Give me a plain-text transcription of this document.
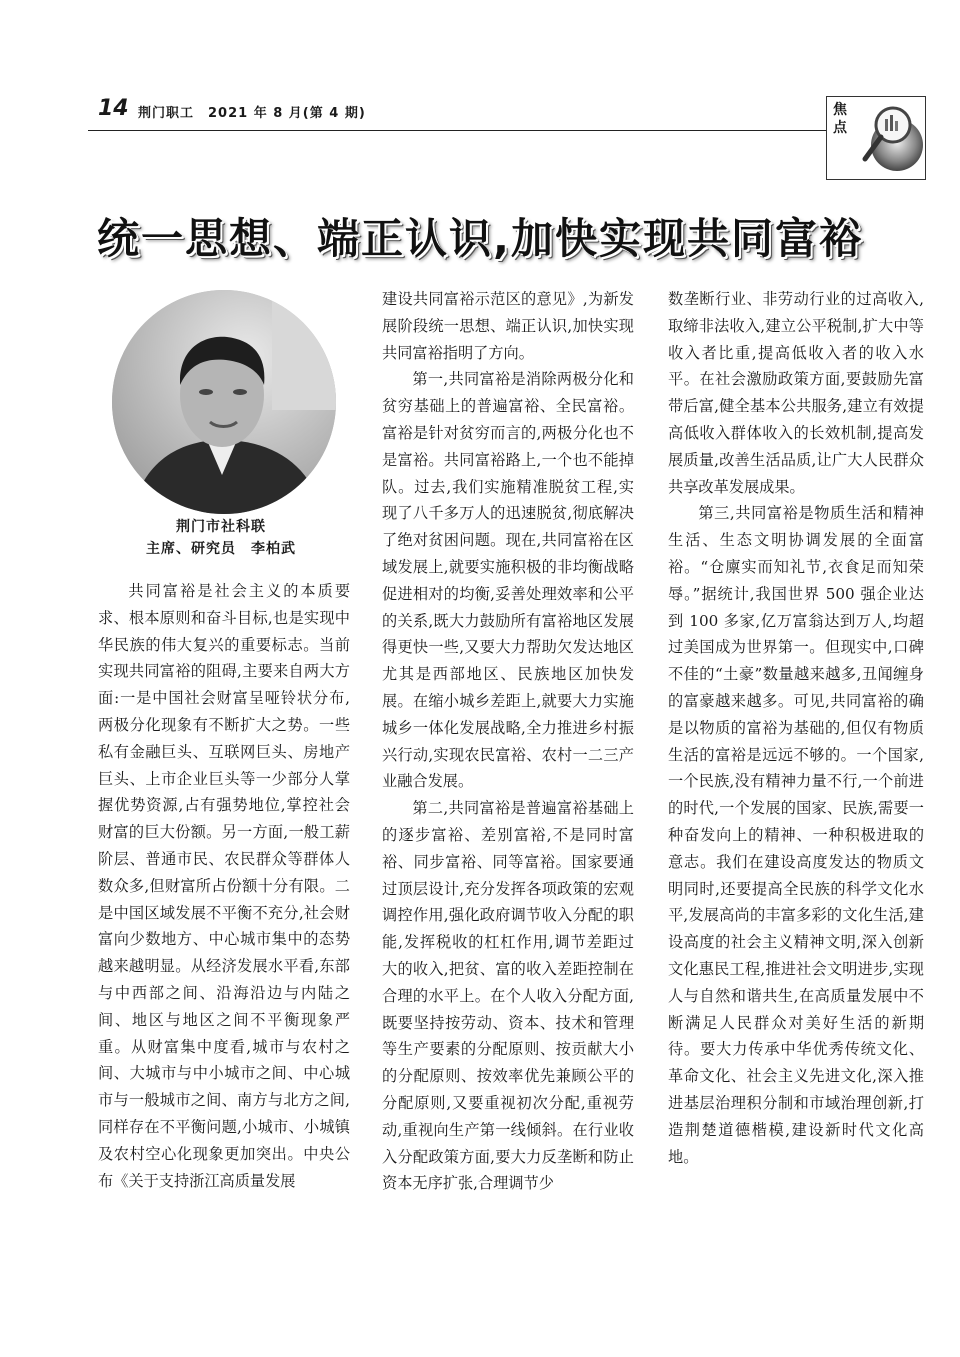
14 荆门职工　2021 年 8 月(第 4 期)	焦点
统一思想、端正认识,加快实现共同富裕
荆门市社科联
主席、研究员　李柏武

共同富裕是社会主义的本质要求、根本原则和奋斗目标,也是实现中华民族的伟大复兴的重要标志。当前实现共同富裕的阻碍,主要来自两大方面:一是中国社会财富呈哑铃状分布,两极分化现象有不断扩大之势。一些私有金融巨头、互联网巨头、房地产巨头、上市企业巨头等一少部分人掌握优势资源,占有强势地位,掌控社会财富的巨大份额。另一方面,一般工薪阶层、普通市民、农民群众等群体人数众多,但财富所占份额十分有限。二是中国区域发展不平衡不充分,社会财富向少数地方、中心城市集中的态势越来越明显。从经济发展水平看,东部与中西部之间、沿海沿边与内陆之间、地区与地区之间不平衡现象严重。从财富集中度看,城市与农村之间、大城市与中小城市之间、中心城市与一般城市之间、南方与北方之间,同样存在不平衡问题,小城市、小城镇及农村空心化现象更加突出。中央公布《关于支持浙江高质量发展

建设共同富裕示范区的意见》,为新发展阶段统一思想、端正认识,加快实现共同富裕指明了方向。

第一,共同富裕是消除两极分化和贫穷基础上的普遍富裕、全民富裕。富裕是针对贫穷而言的,两极分化也不是富裕。共同富裕路上,一个也不能掉队。过去,我们实施精准脱贫工程,实现了八千多万人的迅速脱贫,彻底解决了绝对贫困问题。现在,共同富裕在区域发展上,就要实施积极的非均衡战略促进相对的均衡,妥善处理效率和公平的关系,既大力鼓励所有富裕地区发展得更快一些,又要大力帮助欠发达地区尤其是西部地区、民族地区加快发展。在缩小城乡差距上,就要大力实施城乡一体化发展战略,全力推进乡村振兴行动,实现农民富裕、农村一二三产业融合发展。

第二,共同富裕是普遍富裕基础上的逐步富裕、差别富裕,不是同时富裕、同步富裕、同等富裕。国家要通过顶层设计,充分发挥各项政策的宏观调控作用,强化政府调节收入分配的职能,发挥税收的杠杠作用,调节差距过大的收入,把贫、富的收入差距控制在合理的水平上。在个人收入分配方面,既要坚持按劳动、资本、技术和管理等生产要素的分配原则、按贡献大小的分配原则、按效率优先兼顾公平的分配原则,又要重视初次分配,重视劳动,重视向生产第一线倾斜。在行业收入分配政策方面,要大力反垄断和防止资本无序扩张,合理调节少

数垄断行业、非劳动行业的过高收入,取缔非法收入,建立公平税制,扩大中等收入者比重,提高低收入者的收入水平。在社会激励政策方面,要鼓励先富带后富,健全基本公共服务,建立有效提高低收入群体收入的长效机制,提高发展质量,改善生活品质,让广大人民群众共享改革发展成果。

第三,共同富裕是物质生活和精神生活、生态文明协调发展的全面富裕。“仓廪实而知礼节,衣食足而知荣辱。”据统计,我国世界 500 强企业达到 100 多家,亿万富翁达到万人,均超过美国成为世界第一。但现实中,口碑不佳的“土豪”数量越来越多,丑闻缠身的富豪越来越多。可见,共同富裕的确是以物质的富裕为基础的,但仅有物质生活的富裕是远远不够的。一个国家,一个民族,没有精神力量不行,一个前进的时代,一个发展的国家、民族,需要一种奋发向上的精神、一种积极进取的意志。我们在建设高度发达的物质文明同时,还要提高全民族的科学文化水平,发展高尚的丰富多彩的文化生活,建设高度的社会主义精神文明,深入创新文化惠民工程,推进社会文明进步,实现人与自然和谐共生,在高质量发展中不断满足人民群众对美好生活的新期待。要大力传承中华优秀传统文化、革命文化、社会主义先进文化,深入推进基层治理积分制和市域治理创新,打造荆楚道德楷模,建设新时代文化高地。
